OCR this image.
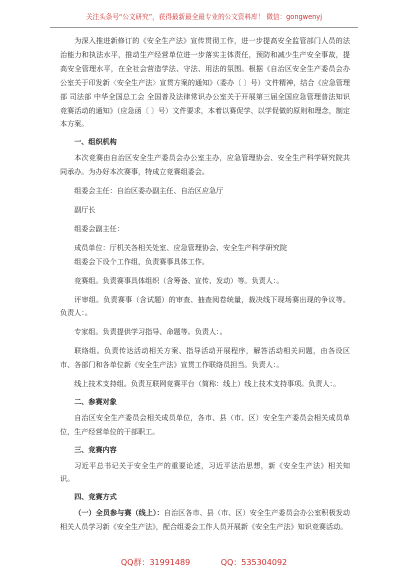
关注头条号“公文研究”，获得最新最全最专业的公文资料库！ 微信：gongwenyj

为深入推进新修订的《安全生产法》宣传贯彻工作，进一步提高安全监管部门人员的法治能力和执法水平，推动生产经营单位进一步落实主体责任，预防和减少生产安全事故，提高安全管理水平，在全社会营造学法、守法、用法的氛围。根据《自治区安全生产委员会办公室关于印发新〈安全生产法〉宣贯方案的通知》（委办〔 〕号）文件精神，结合《应急管理部 司法部 中华全国总工会 全国普及法律常识办公室关于开展第三届全国应急管理普法知识竞赛活动的通知》（应急函〔 〕号）文件要求，本着以赛促学、以学促做的原则和理念，制定本方案。

一、组织机构

本次竞赛由自治区安全生产委员会办公室主办，应急管理协会、安全生产科学研究院共同承办。为办好本次赛事，特成立竞赛组委会。

组委会主任：自治区委办副主任、自治区应急厅

副厅长

组委会副主任：

成员单位：厅机关各相关处室、应急管理协会、安全生产科学研究院

组委会下设个工作组，负责赛事具体工作。

竞赛组。负责赛事具体组织（含筹备、宣传、发动）等。负责人：。

评审组。负责赛事（含试题）的审查、抽查阅卷统量，裁决线下现场赛出现的争议等。负责人：。

专家组。负责提供学习指导、命题等。负责人：。

联络组。负责传达活动相关方案、指导活动开展程序，解答活动相关问题，由各设区市、各部门和各单位新《安全生产法》宣贯工作联络员担当。负责人：。

线上技术支持组。负责互联网竞赛平台（简称：线上）线上技术支持事项。负责人：。

二、参赛对象

自治区安全生产委员会相关成员单位，各市、县（市、区）安全生产委员会相关成员单位，生产经营单位的干部职工。

三、竞赛内容

习近平总书记关于安全生产的重要论述，习近平法治思想，新《安全生产法》相关知识。

四、竞赛方式

（一）全员参与赛（线上）：自治区各市、县（市、区）安全生产委员会办公室积极发动相关人员学习新《安全生产法》，配合组委会工作人员开展新《安全生产法》知识竞赛活动。

QQ群：31991489	QQ：535304092
